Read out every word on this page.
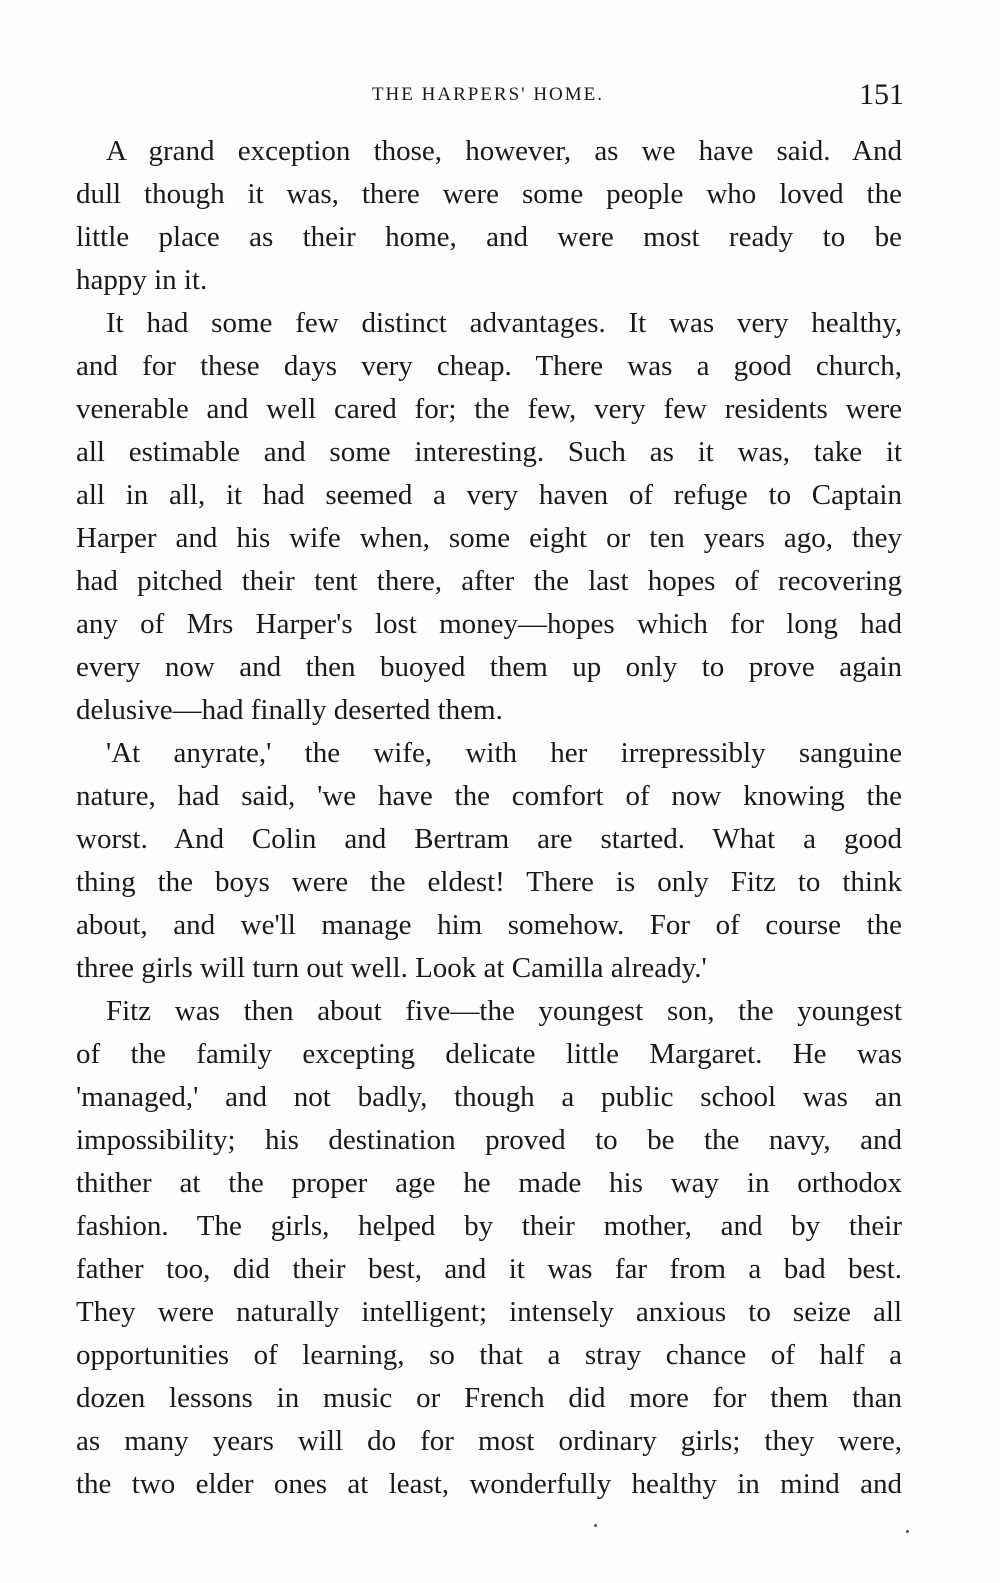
THE HARPERS' HOME.	151

A grand exception those, however, as we have said. And
dull though it was, there were some people who loved the
little place as their home, and were most ready to be
happy in it.

It had some few distinct advantages. It was very healthy,
and for these days very cheap. There was a good church,
venerable and well cared for; the few, very few residents were
all estimable and some interesting. Such as it was, take it
all in all, it had seemed a very haven of refuge to Captain
Harper and his wife when, some eight or ten years ago, they
had pitched their tent there, after the last hopes of recovering
any of Mrs Harper's lost money—hopes which for long had
every now and then buoyed them up only to prove again
delusive—had finally deserted them.

'At anyrate,' the wife, with her irrepressibly sanguine
nature, had said, 'we have the comfort of now knowing the
worst. And Colin and Bertram are started. What a good
thing the boys were the eldest! There is only Fitz to think
about, and we'll manage him somehow. For of course the
three girls will turn out well. Look at Camilla already.'

Fitz was then about five—the youngest son, the youngest
of the family excepting delicate little Margaret. He was
'managed,' and not badly, though a public school was an
impossibility; his destination proved to be the navy, and
thither at the proper age he made his way in orthodox
fashion. The girls, helped by their mother, and by their
father too, did their best, and it was far from a bad best.
They were naturally intelligent; intensely anxious to seize all
opportunities of learning, so that a stray chance of half a
dozen lessons in music or French did more for them than
as many years will do for most ordinary girls; they were,
the two elder ones at least, wonderfully healthy in mind and
